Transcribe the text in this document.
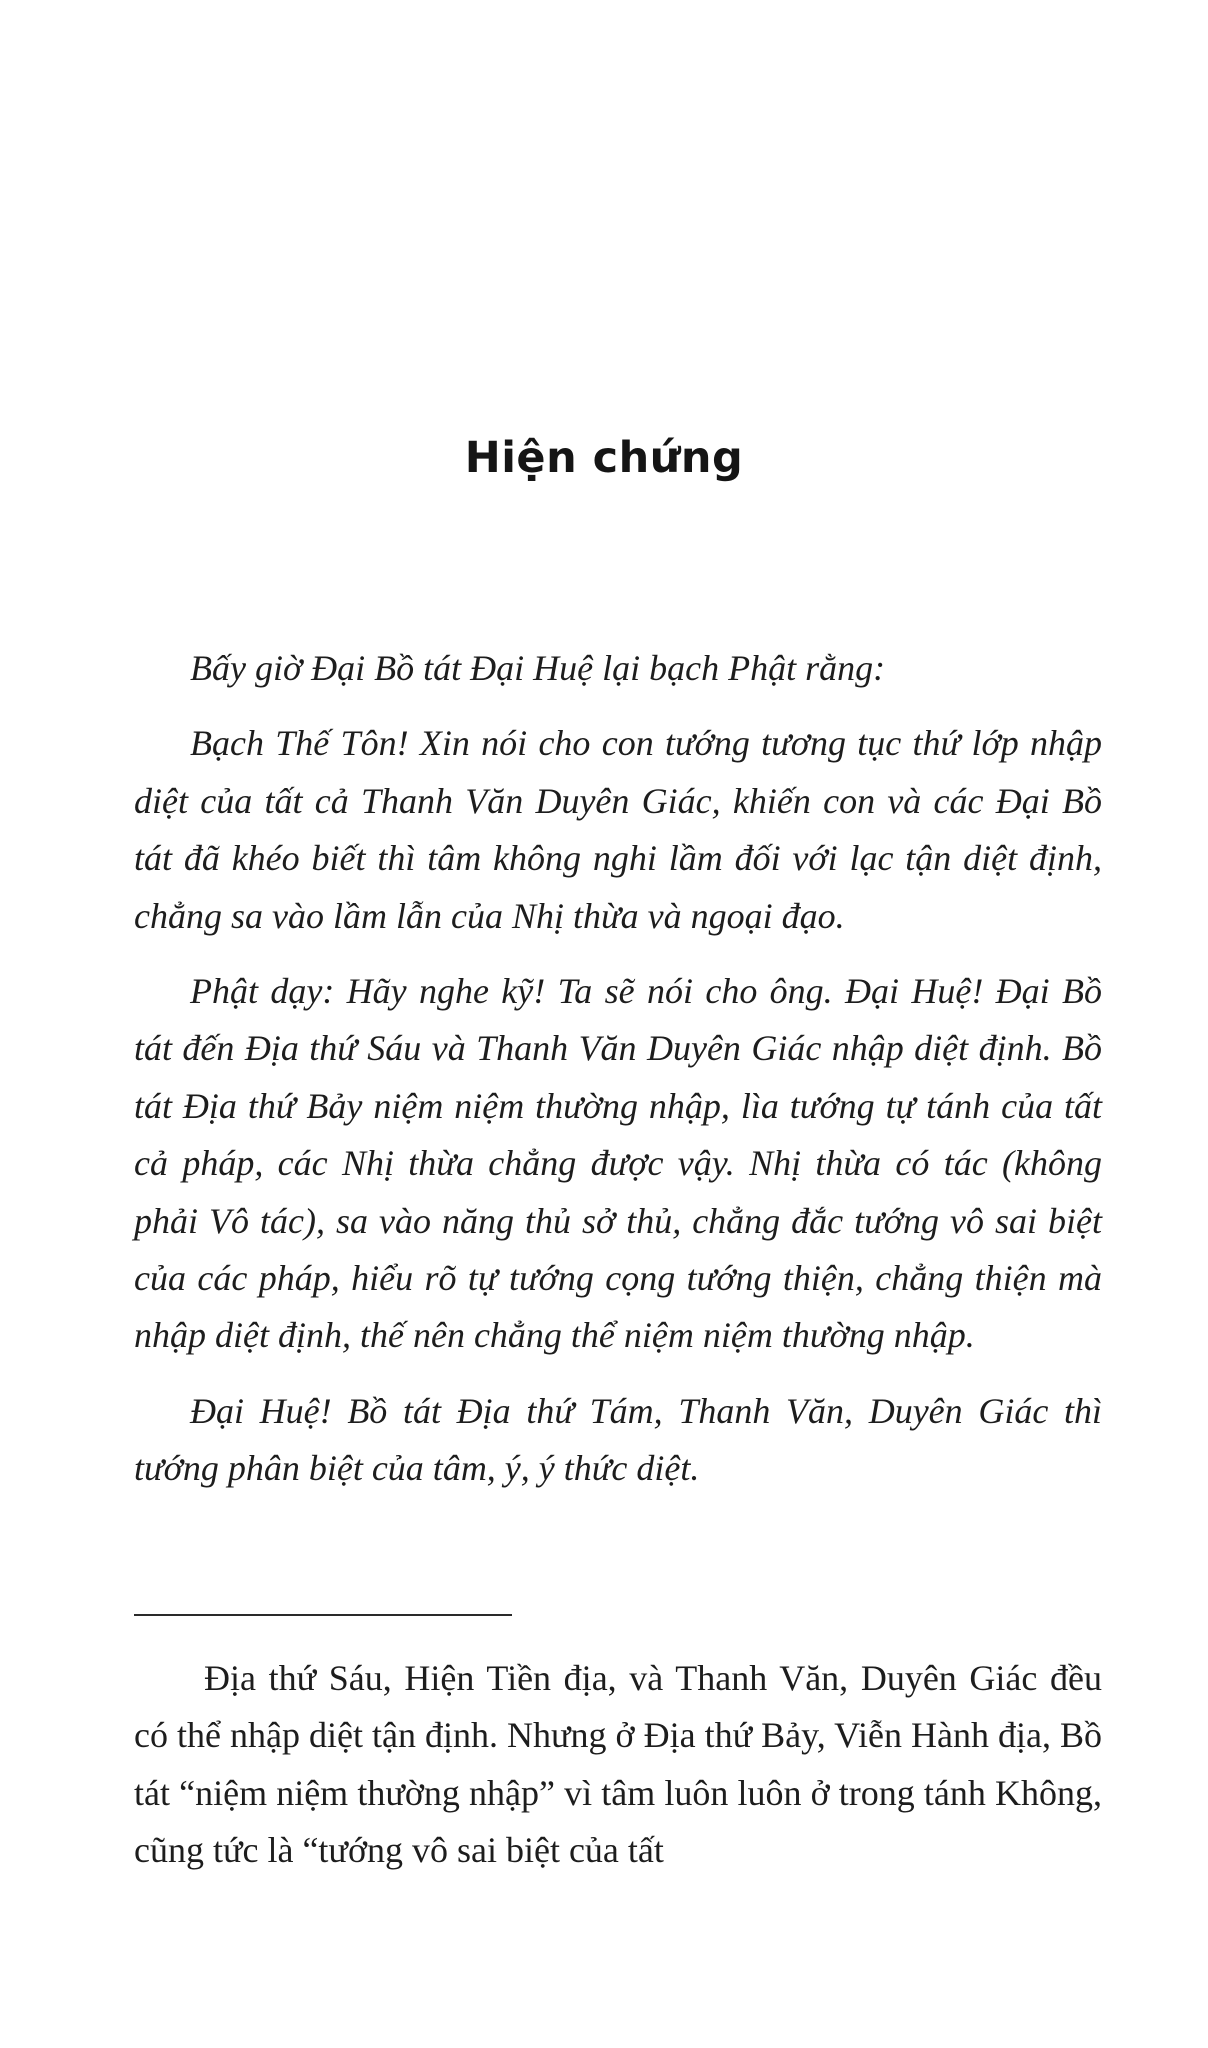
Hiện chứng

Bấy giờ Đại Bồ tát Đại Huệ lại bạch Phật rằng:

Bạch Thế Tôn! Xin nói cho con tướng tương tục thứ lớp nhập diệt của tất cả Thanh Văn Duyên Giác, khiến con và các Đại Bồ tát đã khéo biết thì tâm không nghi lầm đối với lạc tận diệt định, chẳng sa vào lầm lẫn của Nhị thừa và ngoại đạo.

Phật dạy: Hãy nghe kỹ! Ta sẽ nói cho ông. Đại Huệ! Đại Bồ tát đến Địa thứ Sáu và Thanh Văn Duyên Giác nhập diệt định. Bồ tát Địa thứ Bảy niệm niệm thường nhập, lìa tướng tự tánh của tất cả pháp, các Nhị thừa chẳng được vậy. Nhị thừa có tác (không phải Vô tác), sa vào năng thủ sở thủ, chẳng đắc tướng vô sai biệt của các pháp, hiểu rõ tự tướng cọng tướng thiện, chẳng thiện mà nhập diệt định, thế nên chẳng thể niệm niệm thường nhập.

Đại Huệ! Bồ tát Địa thứ Tám, Thanh Văn, Duyên Giác thì tướng phân biệt của tâm, ý, ý thức diệt.

Địa thứ Sáu, Hiện Tiền địa, và Thanh Văn, Duyên Giác đều có thể nhập diệt tận định. Nhưng ở Địa thứ Bảy, Viễn Hành địa, Bồ tát “niệm niệm thường nhập” vì tâm luôn luôn ở trong tánh Không, cũng tức là “tướng vô sai biệt của tất
